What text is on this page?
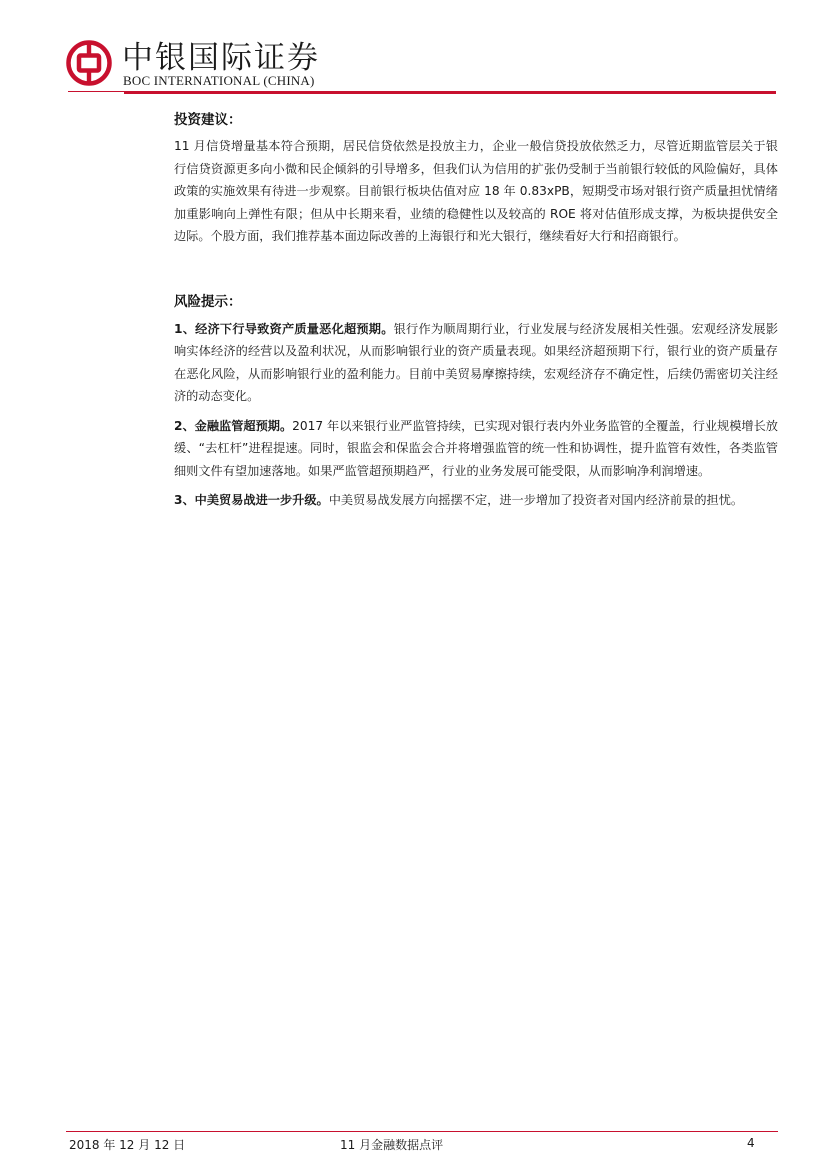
中银国际证券
BOC INTERNATIONAL (CHINA)
投资建议：

11 月信贷增量基本符合预期，居民信贷依然是投放主力，企业一般信贷投放依然乏力，尽管近期监管层关于银行信贷资源更多向小微和民企倾斜的引导增多，但我们认为信用的扩张仍受制于当前银行较低的风险偏好，具体政策的实施效果有待进一步观察。目前银行板块估值对应 18 年 0.83xPB，短期受市场对银行资产质量担忧情绪加重影响向上弹性有限；但从中长期来看，业绩的稳健性以及较高的 ROE 将对估值形成支撑，为板块提供安全边际。个股方面，我们推荐基本面边际改善的上海银行和光大银行，继续看好大行和招商银行。

风险提示：

1、经济下行导致资产质量恶化超预期。银行作为顺周期行业，行业发展与经济发展相关性强。宏观经济发展影响实体经济的经营以及盈利状况，从而影响银行业的资产质量表现。如果经济超预期下行，银行业的资产质量存在恶化风险，从而影响银行业的盈利能力。目前中美贸易摩擦持续，宏观经济存不确定性，后续仍需密切关注经济的动态变化。

2、金融监管超预期。2017 年以来银行业严监管持续，已实现对银行表内外业务监管的全覆盖，行业规模增长放缓、“去杠杆”进程提速。同时，银监会和保监会合并将增强监管的统一性和协调性，提升监管有效性，各类监管细则文件有望加速落地。如果严监管超预期趋严，行业的业务发展可能受限，从而影响净利润增速。

3、中美贸易战进一步升级。中美贸易战发展方向摇摆不定，进一步增加了投资者对国内经济前景的担忧。

2018 年 12 月 12 日	11 月金融数据点评	4
